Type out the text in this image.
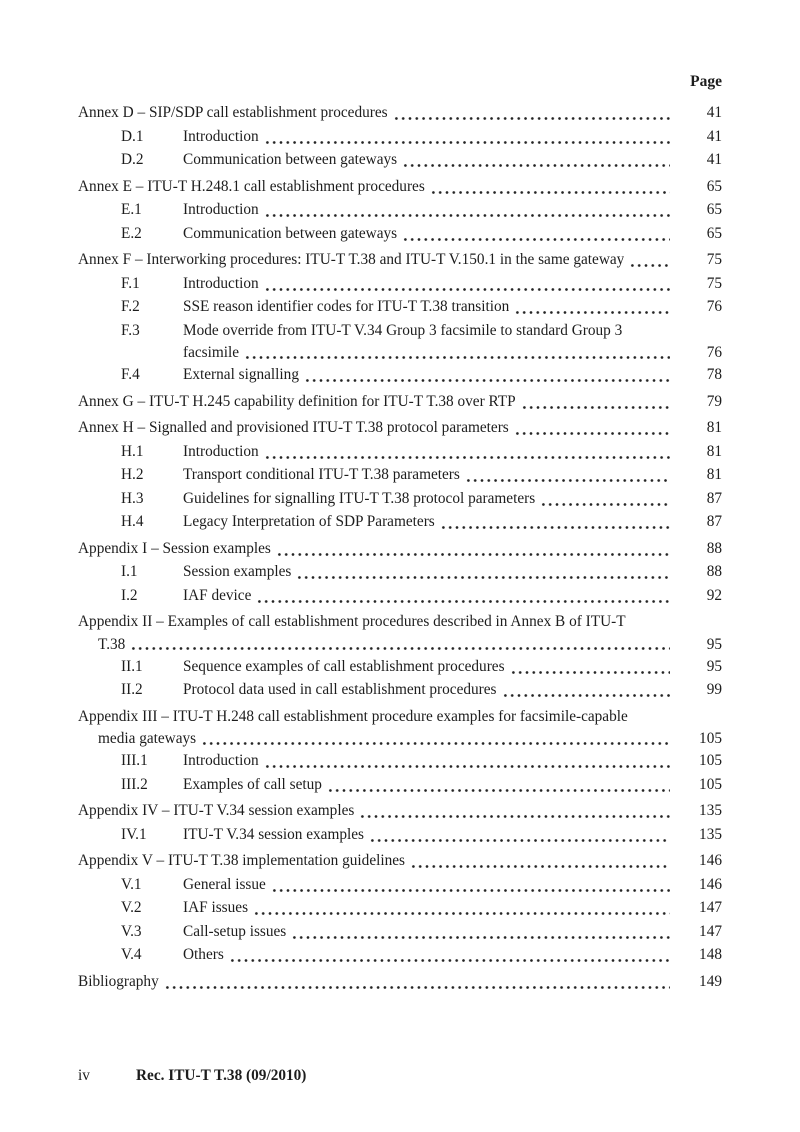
Page
Annex D – SIP/SDP call establishment procedures	41
D.1	Introduction	41
D.2	Communication between gateways	41
Annex E – ITU-T H.248.1 call establishment procedures	65
E.1	Introduction	65
E.2	Communication between gateways	65
Annex F – Interworking procedures: ITU-T T.38 and ITU-T V.150.1 in the same gateway	75
F.1	Introduction	75
F.2	SSE reason identifier codes for ITU-T T.38 transition	76
F.3	Mode override from ITU-T V.34 Group 3 facsimile to standard Group 3
facsimile	76
F.4	External signalling	78
Annex G – ITU-T H.245 capability definition for ITU-T T.38 over RTP	79
Annex H – Signalled and provisioned ITU-T T.38 protocol parameters	81
H.1	Introduction	81
H.2	Transport conditional ITU-T T.38 parameters	81
H.3	Guidelines for signalling ITU-T T.38 protocol parameters	87
H.4	Legacy Interpretation of SDP Parameters	87
Appendix I – Session examples	88
I.1	Session examples	88
I.2	IAF device	92
Appendix II – Examples of call establishment procedures described in Annex B of ITU-T
T.38	95
II.1	Sequence examples of call establishment procedures	95
II.2	Protocol data used in call establishment procedures	99
Appendix III – ITU-T H.248 call establishment procedure examples for facsimile-capable
media gateways	105
III.1	Introduction	105
III.2	Examples of call setup	105
Appendix IV – ITU-T V.34 session examples	135
IV.1	ITU-T V.34 session examples	135
Appendix V – ITU-T T.38 implementation guidelines	146
V.1	General issue	146
V.2	IAF issues	147
V.3	Call-setup issues	147
V.4	Others	148
Bibliography	149
iv	Rec. ITU-T T.38 (09/2010)
